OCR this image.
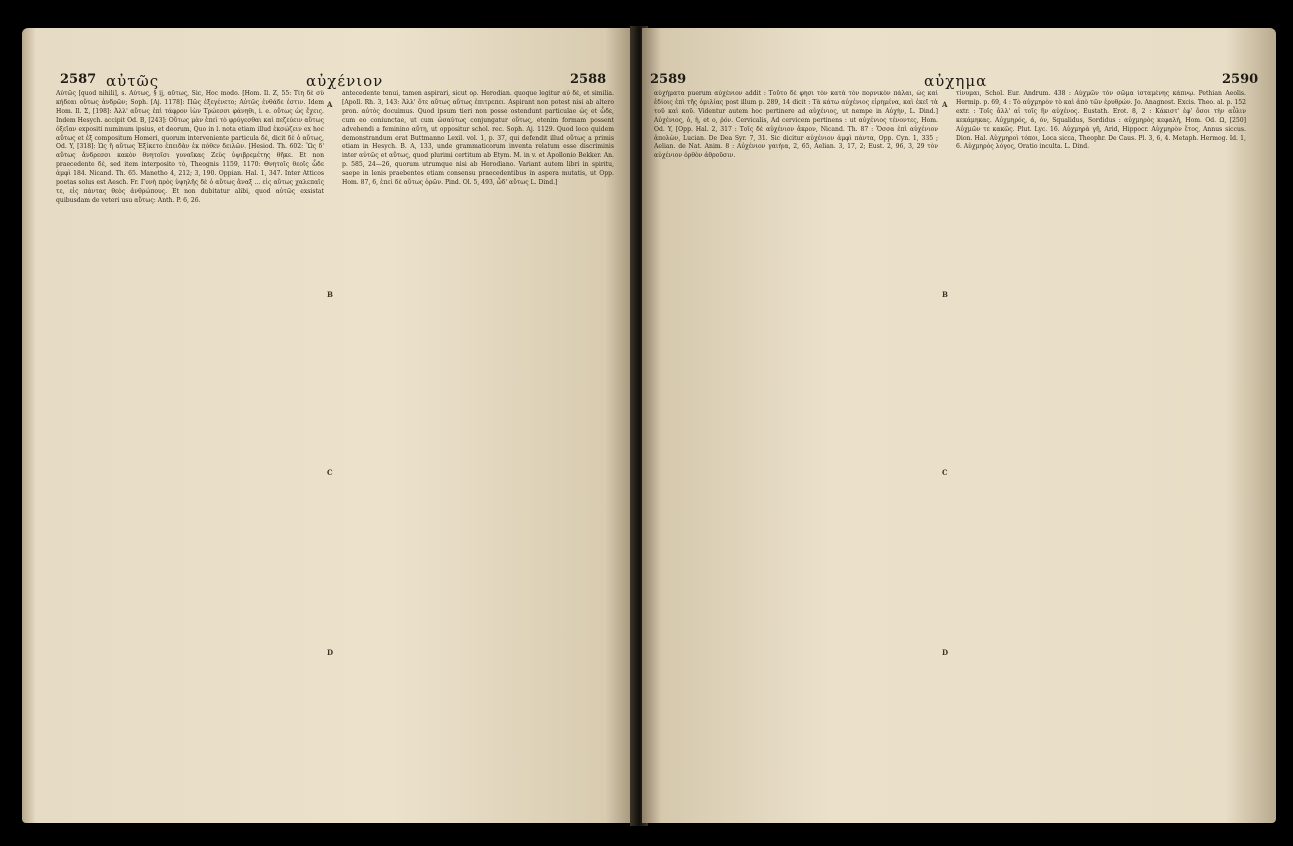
2587 αὐτῶς	αὐχένιον	2588
Αὐτῶς [quod nihili], s. Αὐτως, § ij, αὔτως, Sic, Hoc modo. [Hom. Il. Z, 55: Τίη δὲ σὺ κήδεαι οὕτως ἀνδρῶν; Soph. [Aj. 1178]: Πῶς ἐξεγένετο; Αὐτῶς ἐνθάδε ἐστιν. Idem Hom. Il. Σ, [198]: Ἀλλ' αὔτως ἐπὶ τάφρον ἰὼν Τρώεσσι φάνηθι, i. e. οὕτως ὡς ἔχεις. Indem Hesych. accipit Od. B, [243]: Οὔτως μὰν ἐπεὶ τὸ φρύγεσθαι καὶ πεζεύειν αὔτως ὀξεῖαν expositi numinum ipsius, et deorum, Quo in l. nota etiam illud ἐκσώζειν ex hoc αὔτως et ἐξ compositum Homeri, quorum interveniente particula δὲ, dicit δὲ ὁ αὔτως, Od. Y, [318]: Ὡς ἢ αὔτως Ἐξίκετο ἐπειδὰν ἐκ πόθεν δειλῶν. [Hesiod. Th. 602: Ὣς δ' αὔτως ἄνδρεσσι κακὸν θνητοῖσι γυναῖκας Ζεὺς ὑψιβρεμέτης θῆκε. Et non praecedente δὲ, sed item interposito τὸ, Theognis 1159, 1170: Θνητοῖς θεοῖς ὧδε ἀμφὶ 184. Nicand. Th. 65. Manetho 4, 212; 3, 190. Oppian. Hal. 1, 347. Inter Atticos poetas solus est Aesch. Fr. Γυνὴ πρὸς ὑψηλῆς δὲ ὁ αὔτως ἄναξ ... εἰς αὔτως χαλεπαῖς τε, εἰς πάντας θεὸς ἀνθρώπους. Et non dubitatur alibi, quod αὐτῶς exsistat quibusdam de veteri usu αὔτως: Anth. P. 6, 26.
antecedente tenui, tamen aspirari, sicut ορ. Herodian. quoque legitur αὖ δέ, et similia. [Apoll. Rh. 3, 143: Ἀλλ' ὅτε αὔτως αὔτως ἐπιτρεπει. Aspirant non potest nisi ab altero pron. αὐτὸς docuimus. Quod ipsum tieri non posse ostendunt particulae ὡς et ὧδε, cum eo coniunctae, ut cum ὡσαύτως conjungatur οὕτως, etenim formam possent advehendi a feminino αὔτη, ut oppositur schol. rec. Soph. Aj. 1129. Quod loco quidem demonstrandum erat Buttmanno Lexil. vol. 1, p. 37, qui defendit illud οὕτως a primis etiam in Hesych. B. A, 133, unde grammaticorum inventa relatum esse discriminis inter αὐτῶς et αὔτως, quod plurimi certitum ab Etym. M. in v. et Apollonio Bekker. An. p. 585, 24—26, quorum utrumque nisi ab Herodiano. Variant autem libri in spiritu, saepe in lenis praebentes etiam consensu praecedentibus in aspera mutatis, ut Opp. Hom. 87, 6, ἐπεὶ δὲ αὔτως ὁρῶν. Pind. Ol. 5, 493, ὧδ' αὔτως L. Dind.]
A
B
C
D
2589	αὐχημα	2590
αὐχήματα puerum αὐχένιον addit : Τοῦτο δὲ φησι τὸν κατὰ τὸν πορνικὸν πάλαι, ὡς καὶ ἐδίοις ἐπὶ τῆς ὁμιλίας post illum p. 289, 14 dicit : Τὰ κάτω αὐχένιος εἰρημένα, καὶ ἐκεῖ τὰ τοῦ καὶ κοῦ. Videntur autem hoc pertinere ad αὐχένιος, ut nempe in Αὐχὴν, L. Dind.] Αὐχένιος, ὁ, ἡ, et ο, ῥόν. Cervicalis, Ad cervicem pertinens : ut αὐχένιος τένοντες, Hom. Od. Y, [Opp. Hal. 2, 317 : Τοῖς δὲ αὐχένιον ἄκρον, Nicand. Th. 87 : Ὅσσα ἐπὶ αὐχένιον ἀπολὼν, Lucian. De Dea Syr. 7, 31. Sic dicitur αὐχένιον ἀμφὶ πάντα, Opp. Cyn. 1, 335 ; Aelian. de Nat. Anim. 8 : Αὐχένιον γαιήια, 2, 65, Aelian. 3, 17, 2; Eust. 2, 96, 3, 29 τὸν αὐχένιον ὀρθὸν ἀθροῦσιν.
τίνυμαι, Schol. Eur. Andrum. 438 : Αὐχμῶν τὸν σῶμα ἰσταμένης κάπνῳ. Pethian Aeolis. Hermip. p. 69, 4 : Τὸ αὐχμηρὸν τὸ καὶ ἀπὸ τῶν ἐρυθρών. Jo. Anagnost. Excis. Theo. al. p. 152 extr. : Τοῖς ἄλλ' αἱ τοῖς ἢν αὐχένος. Eustath. Erot. 8, 2 : Κάκιστ' ἐφ' ὅσοι τὴν αὖλιν κεκάμηκας. Αὐχμηρός, ά, όν, Squalidus, Sordidus : αὐχμηρὸς κεφαλή, Hom. Od. Ω, [250] Αὐχμῶν τε κακῶς. Plut. Lyc. 16. Αὐχμηρὰ γῆ, Arid, Hippocr. Αὐχμηρὸν ἔτος, Annus siccus. Dion. Hal. Αὐχμηροὶ τόποι, Loca sicca, Theophr. De Caus. Pl. 3, 6, 4. Metaph. Hermog. Id. 1, 6. Αὐχμηρὸς λόγος, Oratio inculta. L. Dind.
A
B
C
D
